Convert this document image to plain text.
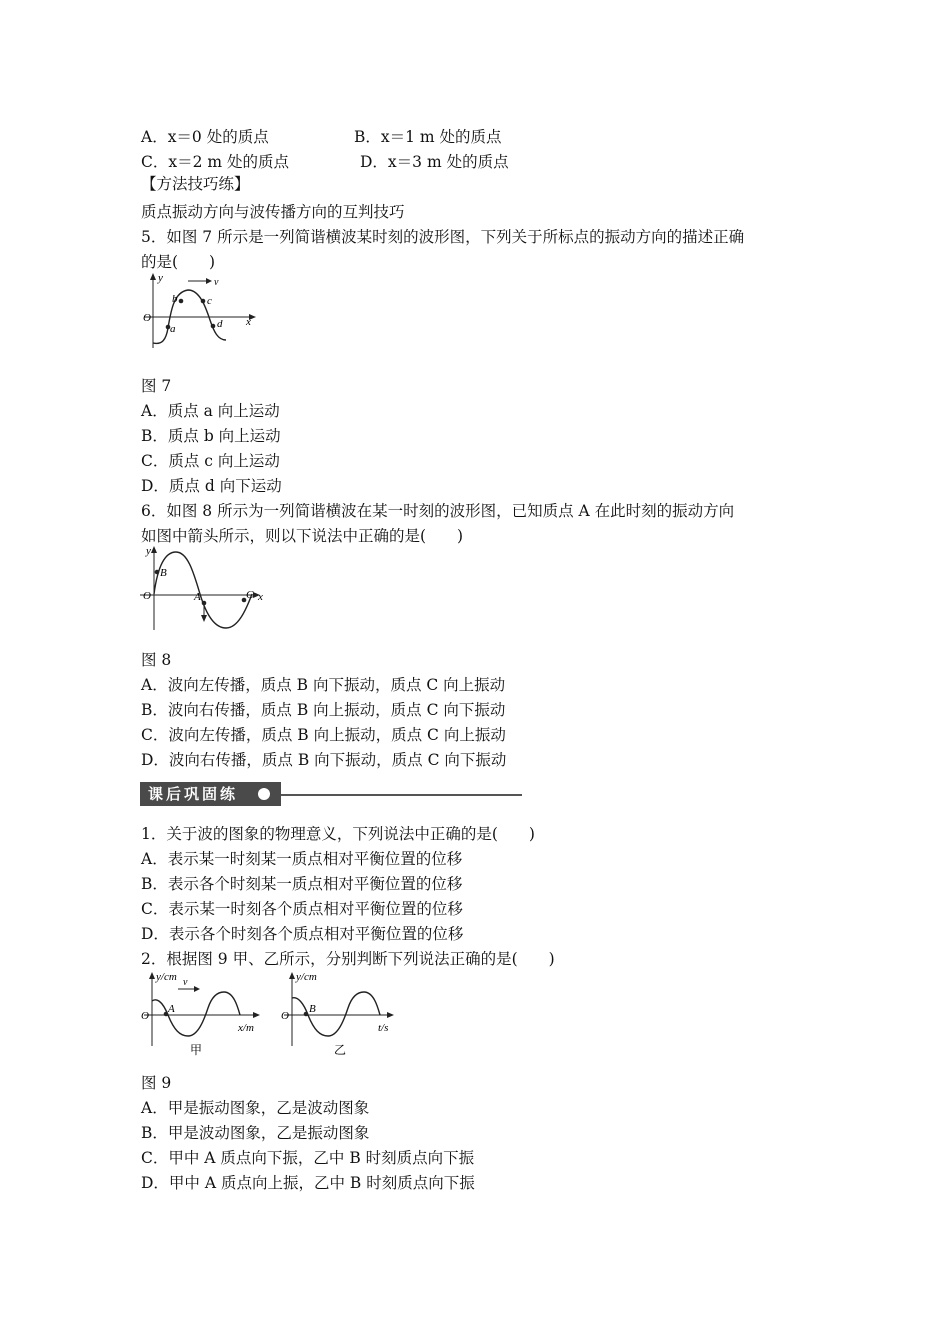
A．x＝0 处的质点	B．x＝1 m 处的质点
C．x＝2 m 处的质点	D．x＝3 m 处的质点
【方法技巧练】
质点振动方向与波传播方向的互判技巧
5．如图 7 所示是一列简谐横波某时刻的波形图，下列关于所标点的振动方向的描述正确
的是(　　)
v
y
O	x
a
b	c
d
图 7
A．质点 a 向上运动
B．质点 b 向上运动
C．质点 c 向上运动
D．质点 d 向下运动
6．如图 8 所示为一列简谐横波在某一时刻的波形图，已知质点 A 在此时刻的振动方向
如图中箭头所示，则以下说法中正确的是(　　)
y
O	x
B
A	C
图 8
A．波向左传播，质点 B 向下振动，质点 C 向上振动
B．波向右传播，质点 B 向上振动，质点 C 向下振动
C．波向左传播，质点 B 向上振动，质点 C 向上振动
D．波向右传播，质点 B 向下振动，质点 C 向下振动
课后巩固练
1．关于波的图象的物理意义，下列说法中正确的是(　　)
A．表示某一时刻某一质点相对平衡位置的位移
B．表示各个时刻某一质点相对平衡位置的位移
C．表示某一时刻各个质点相对平衡位置的位移
D．表示各个时刻各个质点相对平衡位置的位移
2．根据图 9 甲、乙所示，分别判断下列说法正确的是(　　)
v
y/cm
O
x/m
A
甲
y/cm
O
t/s
B
乙
图 9
A．甲是振动图象，乙是波动图象
B．甲是波动图象，乙是振动图象
C．甲中 A 质点向下振，乙中 B 时刻质点向下振
D．甲中 A 质点向上振，乙中 B 时刻质点向下振
